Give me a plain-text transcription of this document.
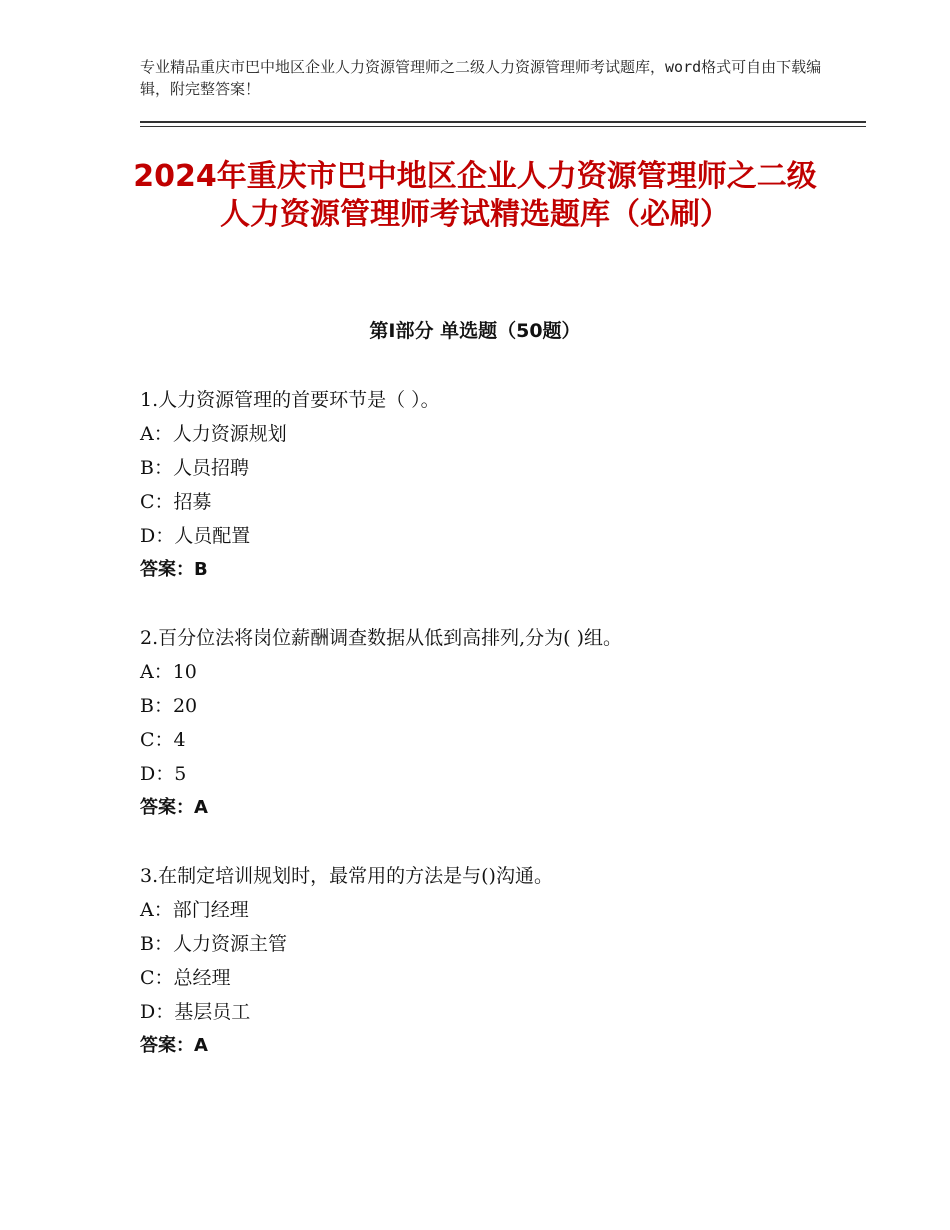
专业精品重庆市巴中地区企业人力资源管理师之二级人力资源管理师考试题库，word格式可自由下载编辑，附完整答案！
2024年重庆市巴中地区企业人力资源管理师之二级人力资源管理师考试精选题库（必刷）
第Ⅰ部分 单选题（50题）
1.人力资源管理的首要环节是（ ）。
A：人力资源规划
B：人员招聘
C：招募
D：人员配置
答案：B
2.百分位法将岗位薪酬调查数据从低到高排列,分为( )组。
A：10
B：20
C：4
D：5
答案：A
3.在制定培训规划时，最常用的方法是与()沟通。
A：部门经理
B：人力资源主管
C：总经理
D：基层员工
答案：A
